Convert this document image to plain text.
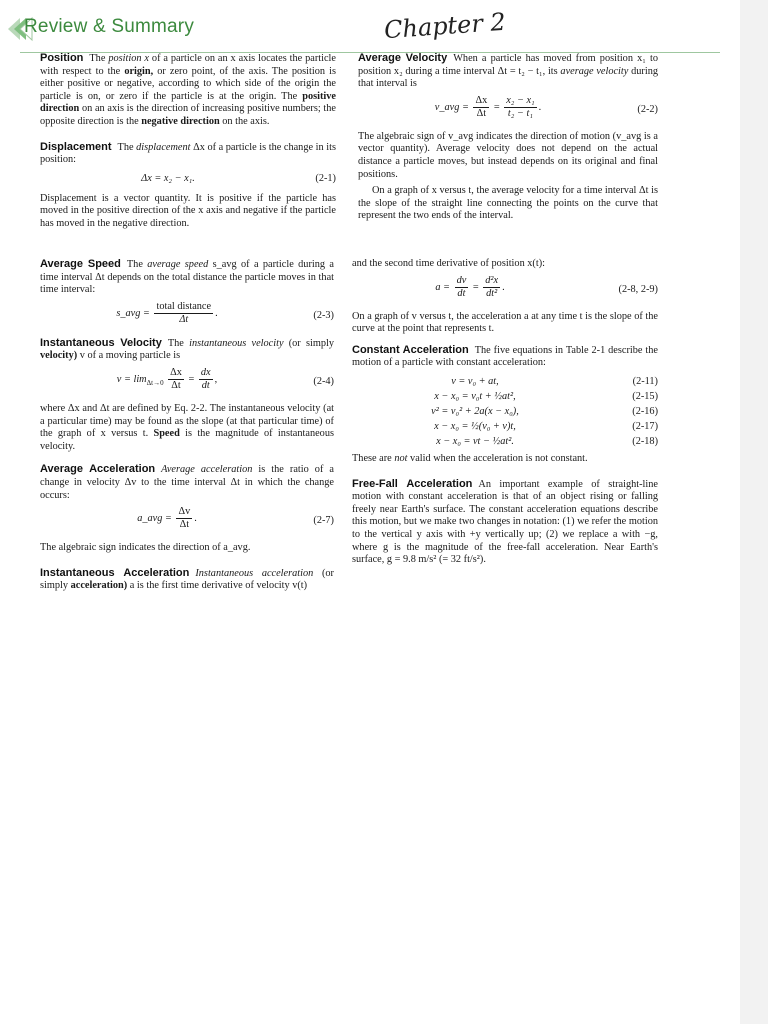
Review & Summary	Chapter 2

Position The position x of a particle on an x axis locates the particle with respect to the origin, or zero point, of the axis. The position is either positive or negative, according to which side of the origin the particle is on, or zero if the particle is at the origin. The positive direction on an axis is the direction of increasing positive numbers; the opposite direction is the negative direction on the axis.

Displacement The displacement Δx of a particle is the change in its position:

Δx = x₂ − x₁.	(2-1)

Displacement is a vector quantity. It is positive if the particle has moved in the positive direction of the x axis and negative if the particle has moved in the negative direction.

Average Velocity When a particle has moved from position x₁ to position x₂ during a time interval Δt = t₂ − t₁, its average velocity during that interval is

v_avg = $\frac{\Delta x}{\Delta t} = \frac{\text{x₂ − x₁}}{\text{t₂ − t₁}}$ .	(2-2)

The algebraic sign of v_avg indicates the direction of motion (v_avg is a vector quantity). Average velocity does not depend on the actual distance a particle moves, but instead depends on its original and final positions.

On a graph of x versus t, the average velocity for a time interval Δt is the slope of the straight line connecting the points on the curve that represent the two ends of the interval.

Average Speed The average speed s_avg of a particle during a time interval Δt depends on the total distance the particle moves in that time interval:

s_avg = $\frac{\text{total distance}}{\Delta t}$ .	(2-3)

Instantaneous Velocity The instantaneous velocity (or simply velocity) v of a moving particle is

$v = \lim_{\Delta t\to 0} \frac{\Delta x}{\Delta t} = \frac{dx}{dt}$ ,	(2-4)

where Δx and Δt are defined by Eq. 2-2. The instantaneous velocity (at a particular time) may be found as the slope (at that particular time) of the graph of x versus t. Speed is the magnitude of instantaneous velocity.

Average Acceleration Average acceleration is the ratio of a change in velocity Δv to the time interval Δt in which the change occurs:

a_avg = $\frac{\Delta v}{\Delta t}$ .	(2-7)

The algebraic sign indicates the direction of a_avg.

Instantaneous Acceleration Instantaneous acceleration (or simply acceleration) a is the first time derivative of velocity v(t)

and the second time derivative of position x(t):

$a = \frac{dv}{dt} = \frac{\text{d²x}}{\text{dt²}}$ .	(2-8, 2-9)

On a graph of v versus t, the acceleration a at any time t is the slope of the curve at the point that represents t.

Constant Acceleration The five equations in Table 2-1 describe the motion of a particle with constant acceleration:

v = v₀ + at,	(2-11)
x − x₀ = v₀t + ½at²,	(2-15)
v² = v₀² + 2a(x − x₀),	(2-16)
x − x₀ = ½(v₀ + v)t,	(2-17)
x − x₀ = vt − ½at².	(2-18)

These are not valid when the acceleration is not constant.

Free-Fall Acceleration An important example of straight-line motion with constant acceleration is that of an object rising or falling freely near Earth's surface. The constant acceleration equations describe this motion, but we make two changes in notation: (1) we refer the motion to the vertical y axis with +y vertically up; (2) we replace a with −g, where g is the magnitude of the free-fall acceleration. Near Earth's surface, g = 9.8 m/s² (= 32 ft/s²).
